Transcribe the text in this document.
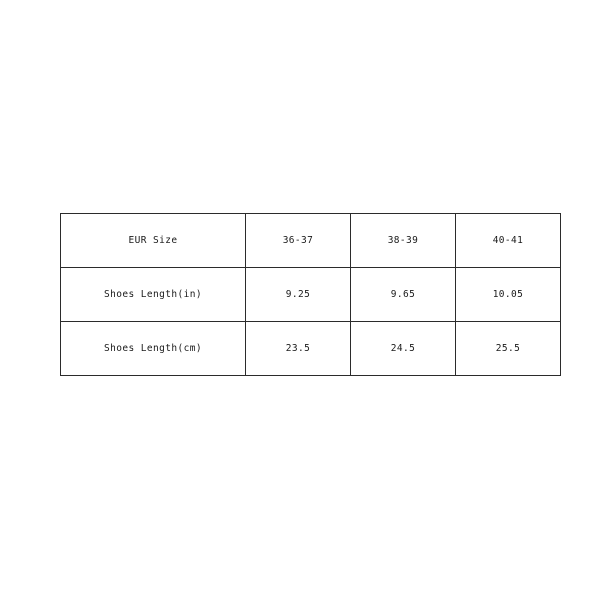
EUR Size	36-37	38-39	40-41
Shoes Length(in)	9.25	9.65	10.05
Shoes Length(cm)	23.5	24.5	25.5
